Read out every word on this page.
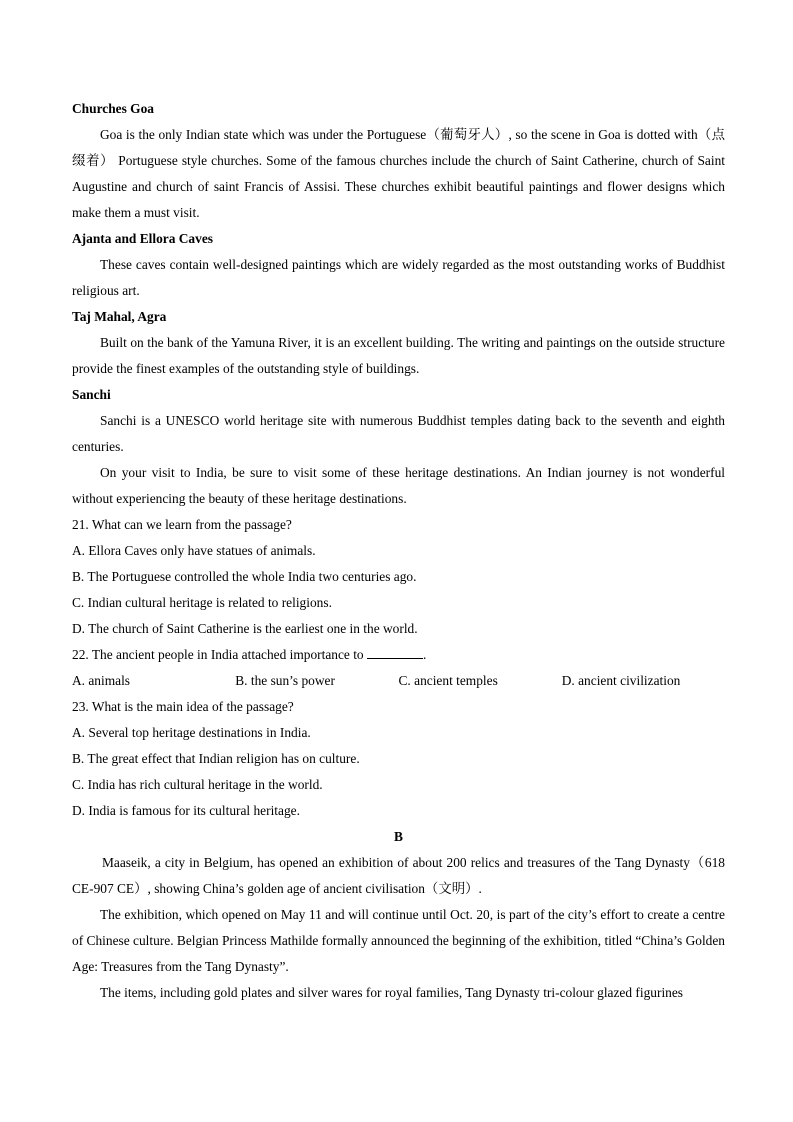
Churches Goa

Goa is the only Indian state which was under the Portuguese（葡萄牙人）, so the scene in Goa is dotted with（点缀着） Portuguese style churches. Some of the famous churches include the church of Saint Catherine, church of Saint Augustine and church of saint Francis of Assisi. These churches exhibit beautiful paintings and flower designs which make them a must visit.

Ajanta and Ellora Caves

These caves contain well-designed paintings which are widely regarded as the most outstanding works of Buddhist religious art.

Taj Mahal, Agra

Built on the bank of the Yamuna River, it is an excellent building. The writing and paintings on the outside structure provide the finest examples of the outstanding style of buildings.

Sanchi

Sanchi is a UNESCO world heritage site with numerous Buddhist temples dating back to the seventh and eighth centuries.

On your visit to India, be sure to visit some of these heritage destinations. An Indian journey is not wonderful without experiencing the beauty of these heritage destinations.

21. What can we learn from the passage?

A. Ellora Caves only have statues of animals.

B. The Portuguese controlled the whole India two centuries ago.

C. Indian cultural heritage is related to religions.

D. The church of Saint Catherine is the earliest one in the world.

22. The ancient people in India attached importance to	.

A. animals	B. the sun’s power	C. ancient temples	D. ancient civilization

23. What is the main idea of the passage?

A. Several top heritage destinations in India.

B. The great effect that Indian religion has on culture.

C. India has rich cultural heritage in the world.

D. India is famous for its cultural heritage.

B

Maaseik, a city in Belgium, has opened an exhibition of about 200 relics and treasures of the Tang Dynasty（618 CE-907 CE）, showing China’s golden age of ancient civilisation（文明）.

The exhibition, which opened on May 11 and will continue until Oct. 20, is part of the city’s effort to create a centre of Chinese culture. Belgian Princess Mathilde formally announced the beginning of the exhibition, titled “China’s Golden Age: Treasures from the Tang Dynasty”.

The items, including gold plates and silver wares for royal families, Tang Dynasty tri-colour glazed figurines
